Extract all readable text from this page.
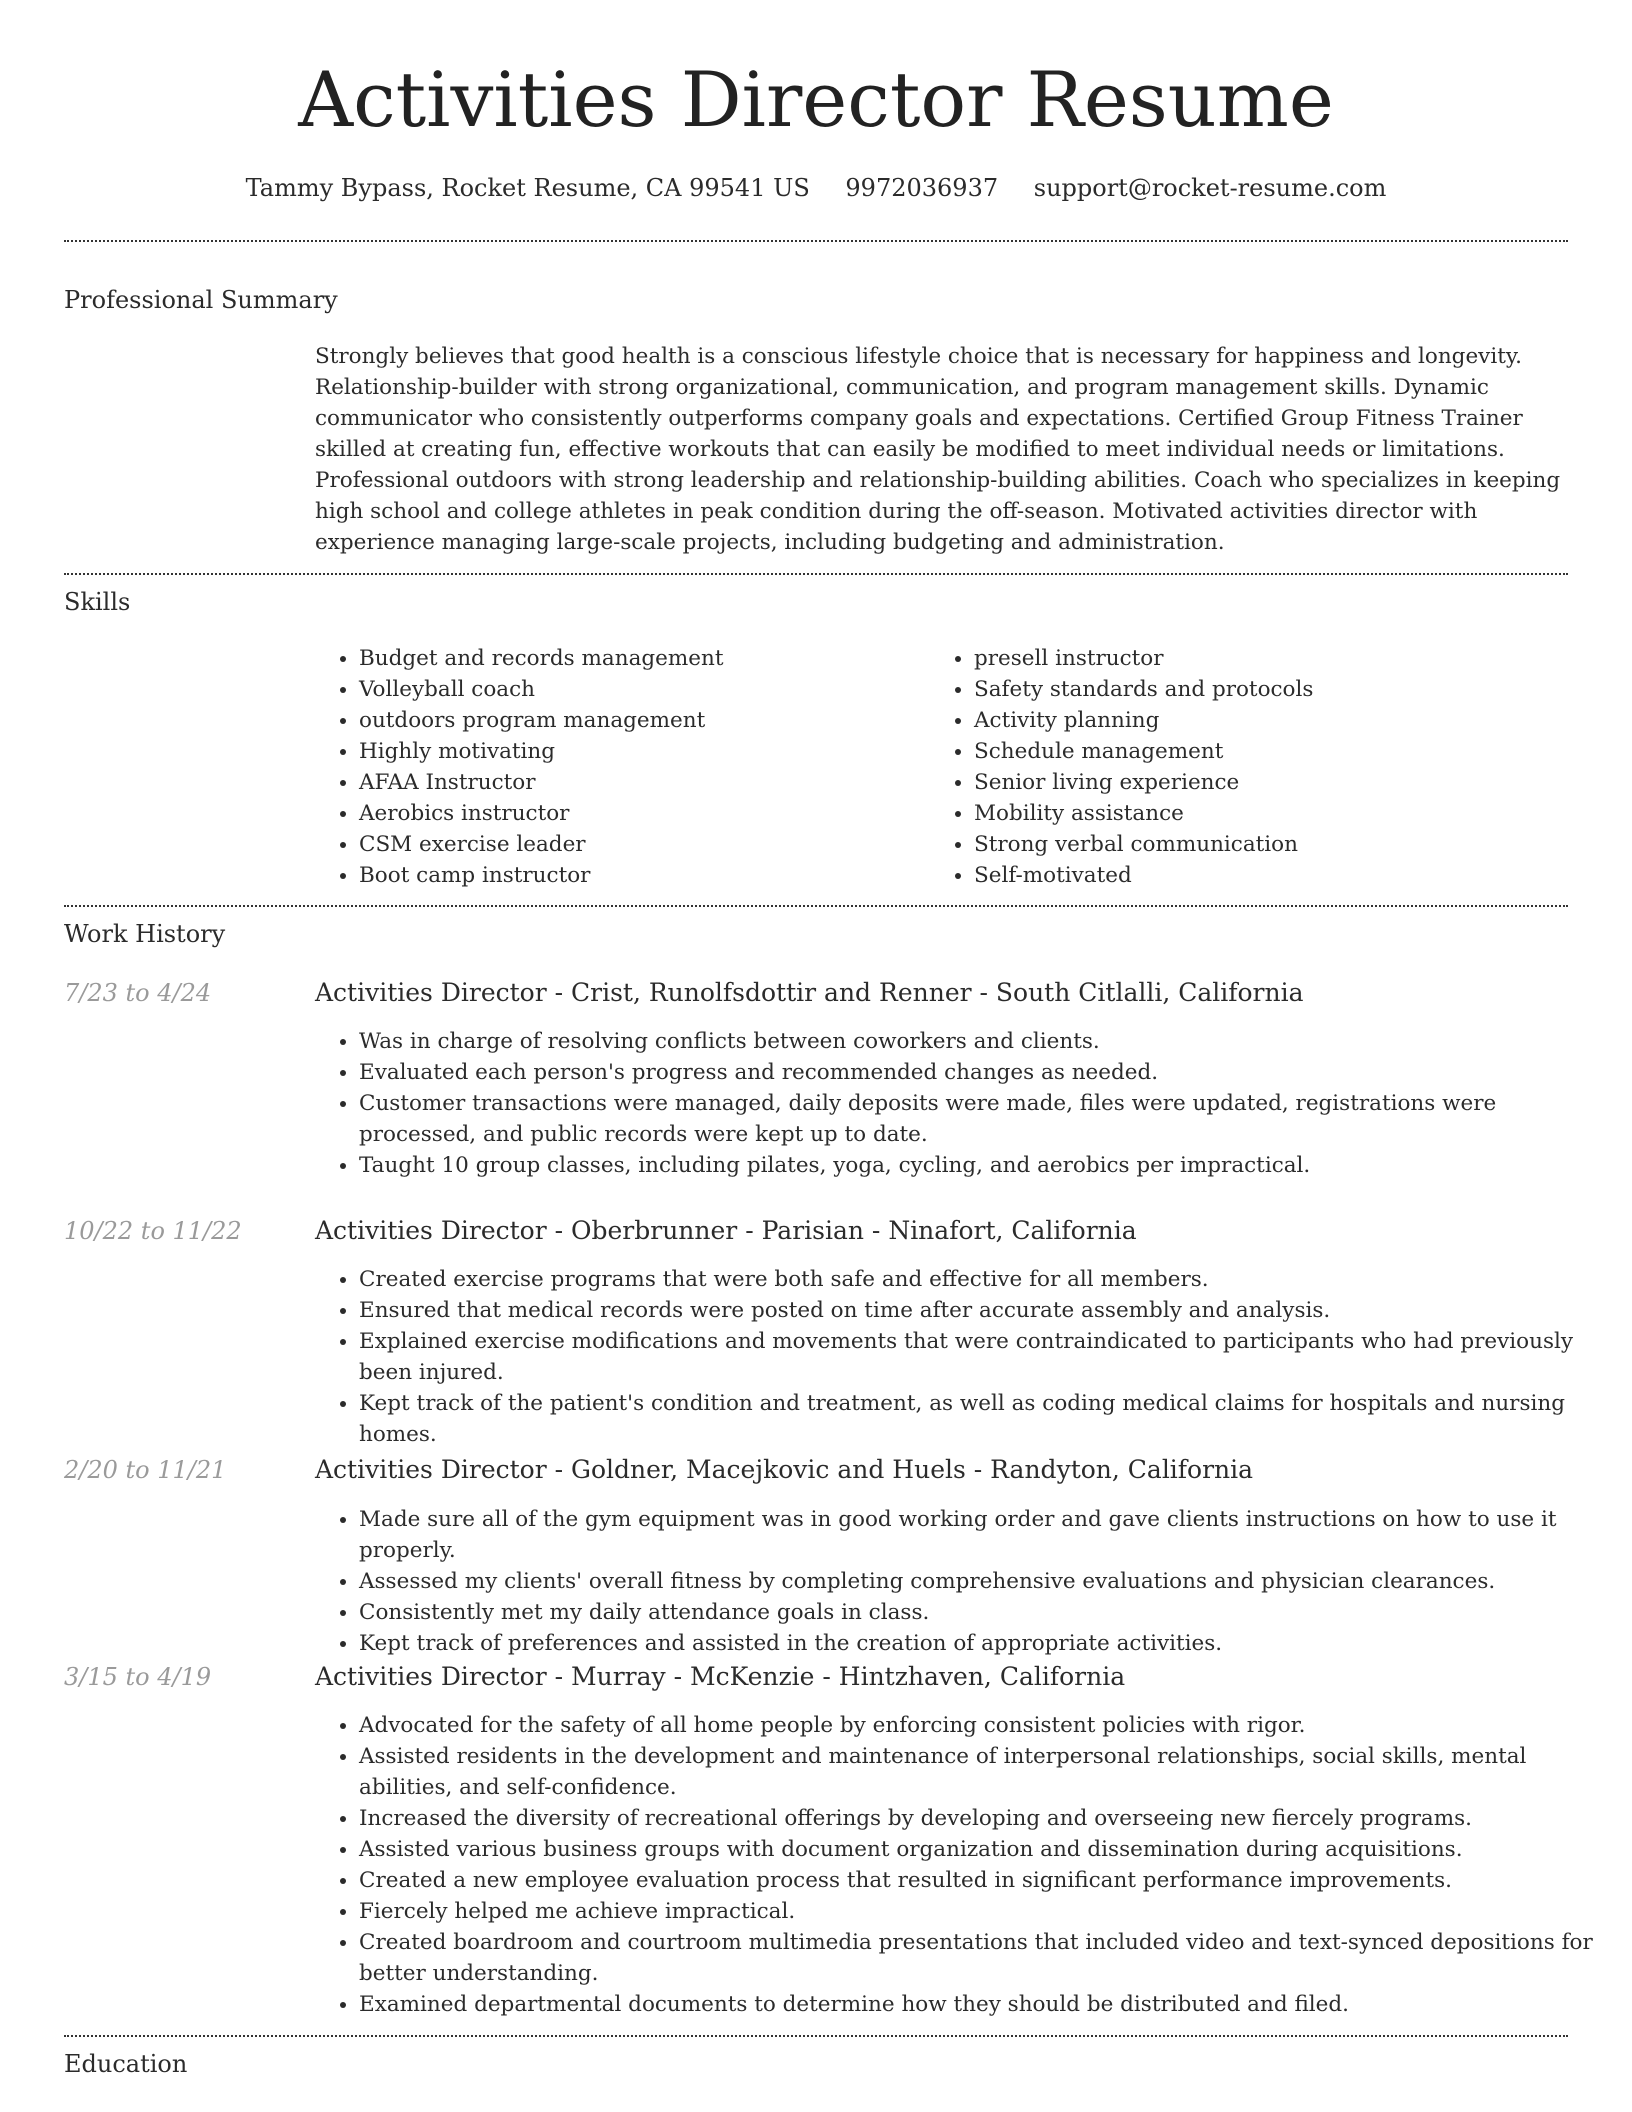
Activities Director Resume
Tammy Bypass, Rocket Resume, CA 99541 US 9972036937 support@rocket-resume.com
Professional Summary

Strongly believes that good health is a conscious lifestyle choice that is necessary for happiness and longevity. Relationship-builder with strong organizational, communication, and program management skills. Dynamic communicator who consistently outperforms company goals and expectations. Certified Group Fitness Trainer skilled at creating fun, effective workouts that can easily be modified to meet individual needs or limitations. Professional outdoors with strong leadership and relationship-building abilities. Coach who specializes in keeping high school and college athletes in peak condition during the off-season. Motivated activities director with experience managing large-scale projects, including budgeting and administration.

Skills
• Budget and records management
• Volleyball coach
• outdoors program management
• Highly motivating
• AFAA Instructor
• Aerobics instructor
• CSM exercise leader
• Boot camp instructor
• presell instructor
• Safety standards and protocols
• Activity planning
• Schedule management
• Senior living experience
• Mobility assistance
• Strong verbal communication
• Self-motivated
Work History
7/23 to 4/24	Activities Director - Crist, Runolfsdottir and Renner - South Citlalli, California
• Was in charge of resolving conflicts between coworkers and clients.
• Evaluated each person's progress and recommended changes as needed.
• Customer transactions were managed, daily deposits were made, files were updated, registrations were processed, and public records were kept up to date.
• Taught 10 group classes, including pilates, yoga, cycling, and aerobics per impractical.
10/22 to 11/22	Activities Director - Oberbrunner - Parisian - Ninafort, California
• Created exercise programs that were both safe and effective for all members.
• Ensured that medical records were posted on time after accurate assembly and analysis.
• Explained exercise modifications and movements that were contraindicated to participants who had previously been injured.
• Kept track of the patient's condition and treatment, as well as coding medical claims for hospitals and nursing homes.
2/20 to 11/21	Activities Director - Goldner, Macejkovic and Huels - Randyton, California
• Made sure all of the gym equipment was in good working order and gave clients instructions on how to use it properly.
• Assessed my clients' overall fitness by completing comprehensive evaluations and physician clearances.
• Consistently met my daily attendance goals in class.
• Kept track of preferences and assisted in the creation of appropriate activities.
3/15 to 4/19	Activities Director - Murray - McKenzie - Hintzhaven, California
• Advocated for the safety of all home people by enforcing consistent policies with rigor.
• Assisted residents in the development and maintenance of interpersonal relationships, social skills, mental abilities, and self-confidence.
• Increased the diversity of recreational offerings by developing and overseeing new fiercely programs.
• Assisted various business groups with document organization and dissemination during acquisitions.
• Created a new employee evaluation process that resulted in significant performance improvements.
• Fiercely helped me achieve impractical.
• Created boardroom and courtroom multimedia presentations that included video and text-synced depositions for better understanding.
• Examined departmental documents to determine how they should be distributed and filed.
Education
